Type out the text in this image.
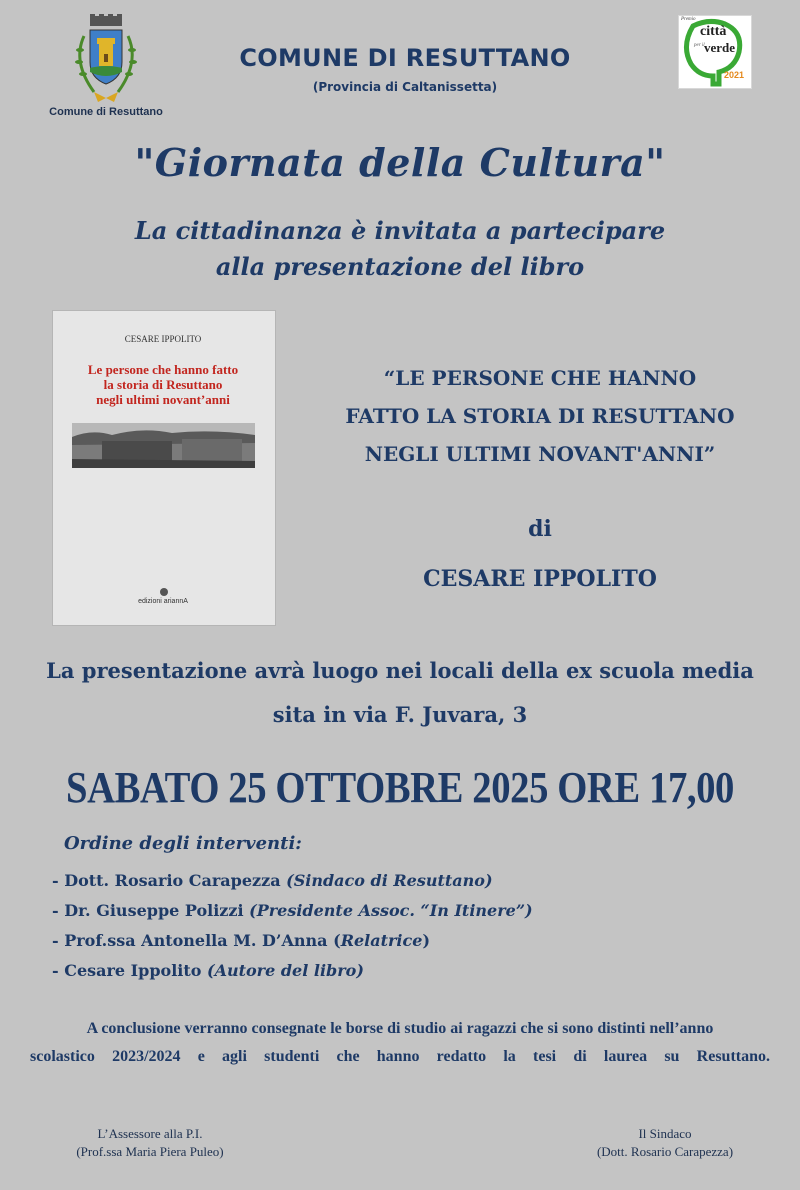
Comune di Resuttano
COMUNE DI RESUTTANO
(Provincia di Caltanissetta)
Premio
città
per il verde
2021
"Giornata della Cultura"
La cittadinanza è invitata a partecipare
alla presentazione del libro
CESARE IPPOLITO
Le persone che hanno fatto
la storia di Resuttano
negli ultimi novant’anni
edizioni ariannA
“LE PERSONE CHE HANNO
FATTO LA STORIA DI RESUTTANO
NEGLI ULTIMI NOVANT'ANNI”
di
CESARE IPPOLITO
La presentazione avrà luogo nei locali della ex scuola media
sita in via F. Juvara, 3
SABATO 25 OTTOBRE 2025 ORE 17,00
Ordine degli interventi:
- Dott. Rosario Carapezza (Sindaco di Resuttano)
- Dr. Giuseppe Polizzi (Presidente Assoc. “In Itinere”)
- Prof.ssa Antonella M. D’Anna (Relatrice)
- Cesare Ippolito (Autore del libro)
A conclusione verranno consegnate le borse di studio ai ragazzi che si sono distinti nell’anno
scolastico 2023/2024 e agli studenti che hanno redatto la tesi di laurea su Resuttano.
L’Assessore alla P.I.
(Prof.ssa Maria Piera Puleo)
Il Sindaco
(Dott. Rosario Carapezza)
